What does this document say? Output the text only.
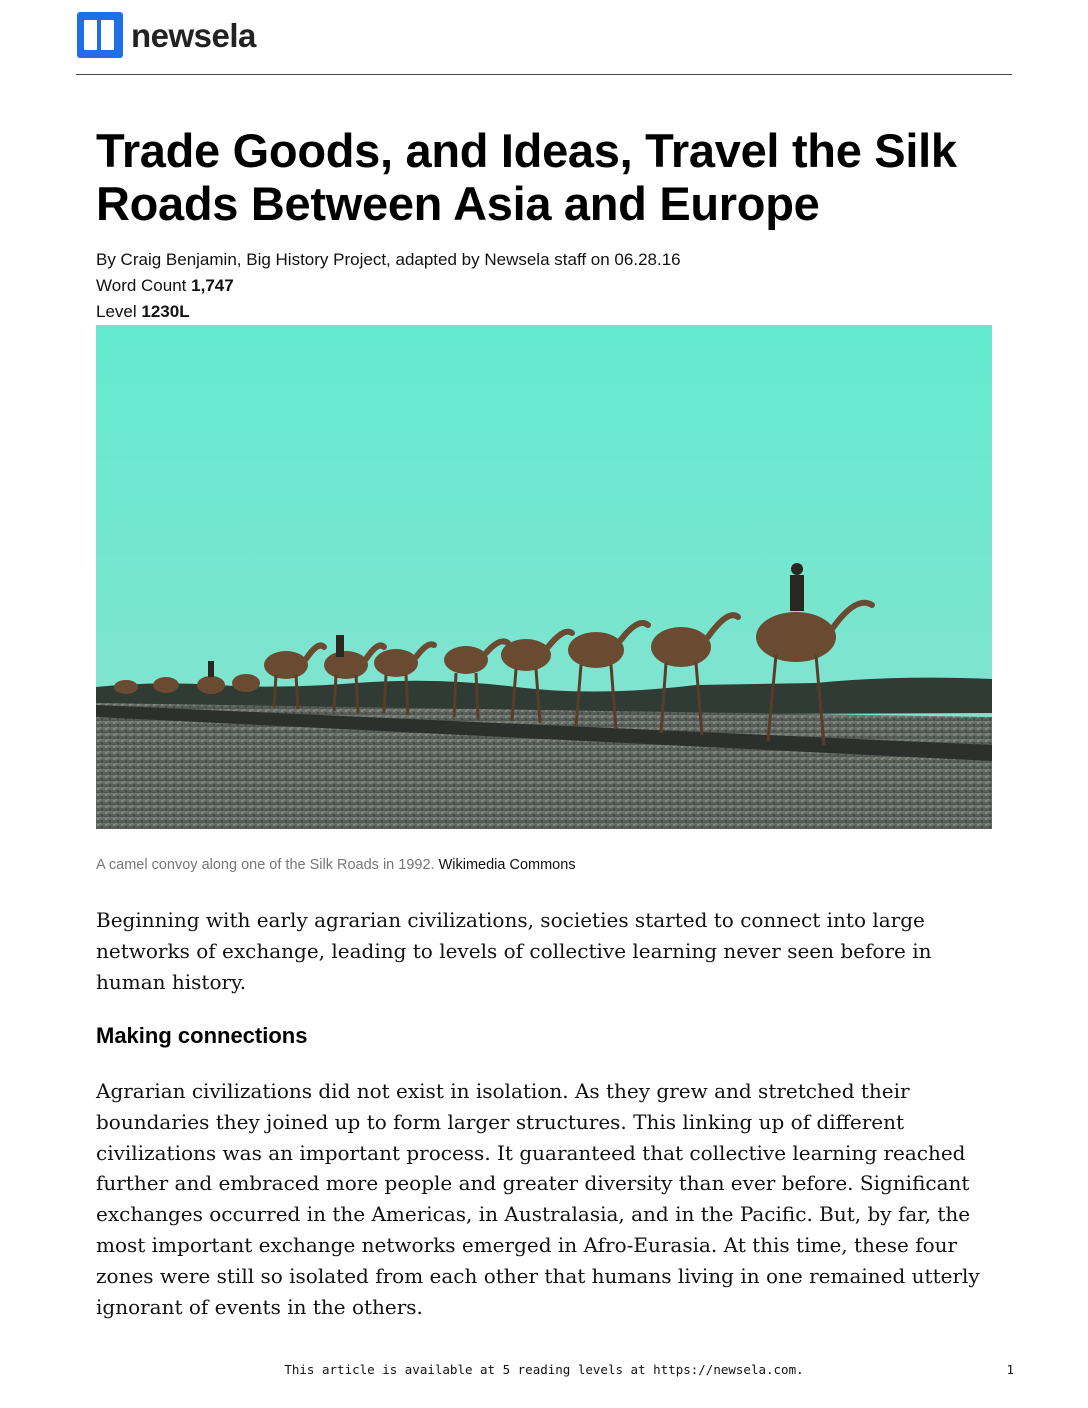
newsela
Trade Goods, and Ideas, Travel the Silk Roads Between Asia and Europe
By Craig Benjamin, Big History Project, adapted by Newsela staff on 06.28.16
Word Count 1,747
Level 1230L
A camel convoy along one of the Silk Roads in 1992. Wikimedia Commons

Beginning with early agrarian civilizations, societies started to connect into large networks of exchange, leading to levels of collective learning never seen before in human history.

Making connections

Agrarian civilizations did not exist in isolation. As they grew and stretched their boundaries they joined up to form larger structures. This linking up of different civilizations was an important process. It guaranteed that collective learning reached further and embraced more people and greater diversity than ever before. Significant exchanges occurred in the Americas, in Australasia, and in the Pacific. But, by far, the most important exchange networks emerged in Afro-Eurasia. At this time, these four zones were still so isolated from each other that humans living in one remained utterly ignorant of events in the others.

This article is available at 5 reading levels at https://newsela.com.	1
